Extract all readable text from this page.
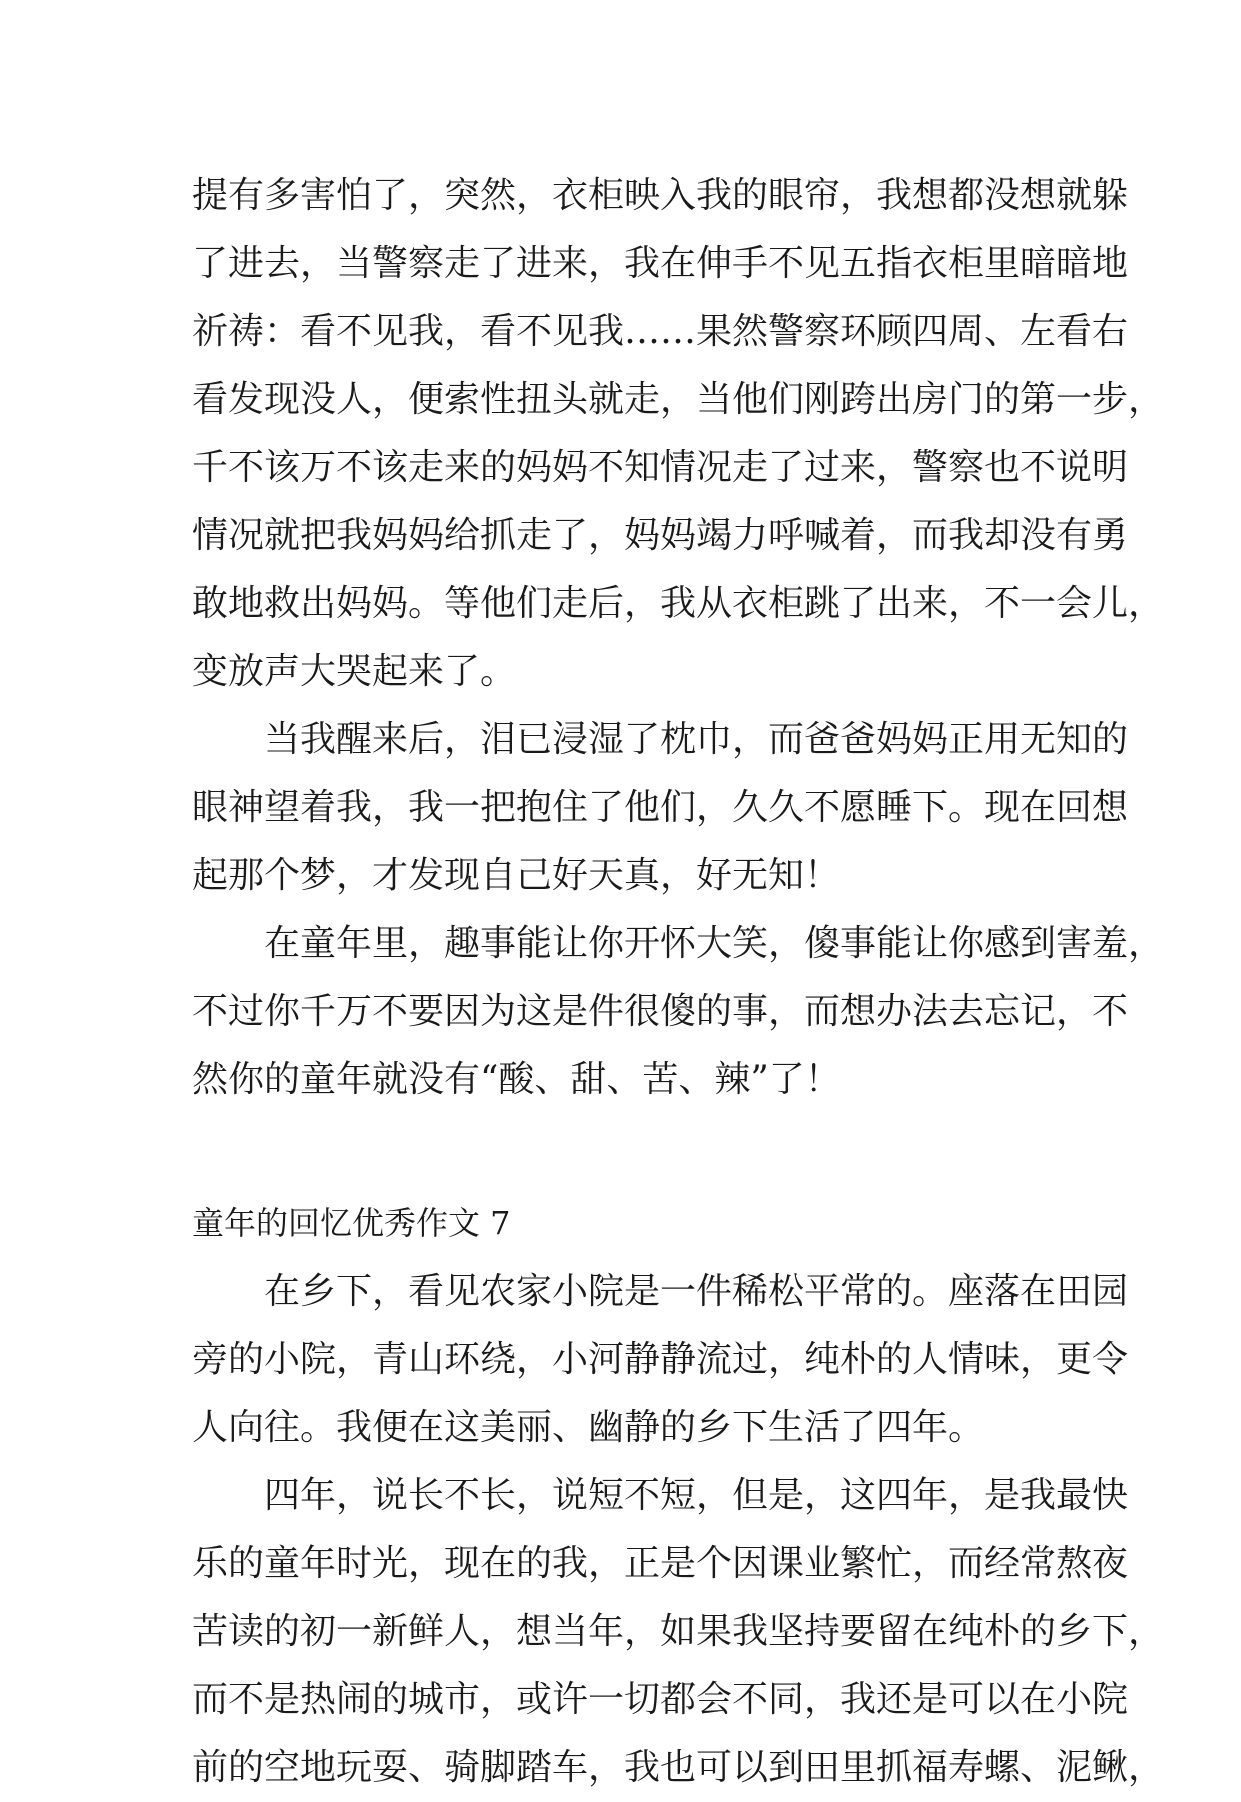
提有多害怕了，突然，衣柜映入我的眼帘，我想都没想就躲
了进去，当警察走了进来，我在伸手不见五指衣柜里暗暗地
祈祷：看不见我，看不见我……果然警察环顾四周、左看右
看发现没人，便索性扭头就走，当他们刚跨出房门的第一步，
千不该万不该走来的妈妈不知情况走了过来，警察也不说明
情况就把我妈妈给抓走了，妈妈竭力呼喊着，而我却没有勇
敢地救出妈妈。等他们走后，我从衣柜跳了出来，不一会儿，
变放声大哭起来了。
当我醒来后，泪已浸湿了枕巾，而爸爸妈妈正用无知的
眼神望着我，我一把抱住了他们，久久不愿睡下。现在回想
起那个梦，才发现自己好天真，好无知！
在童年里，趣事能让你开怀大笑，傻事能让你感到害羞，
不过你千万不要因为这是件很傻的事，而想办法去忘记，不
然你的童年就没有“酸、甜、苦、辣”了！
童年的回忆优秀作文 7
在乡下，看见农家小院是一件稀松平常的。座落在田园
旁的小院，青山环绕，小河静静流过，纯朴的人情味，更令
人向往。我便在这美丽、幽静的乡下生活了四年。
四年，说长不长，说短不短，但是，这四年，是我最快
乐的童年时光，现在的我，正是个因课业繁忙，而经常熬夜
苦读的初一新鲜人，想当年，如果我坚持要留在纯朴的乡下，
而不是热闹的城市，或许一切都会不同，我还是可以在小院
前的空地玩耍、骑脚踏车，我也可以到田里抓福寿螺、泥鳅，
